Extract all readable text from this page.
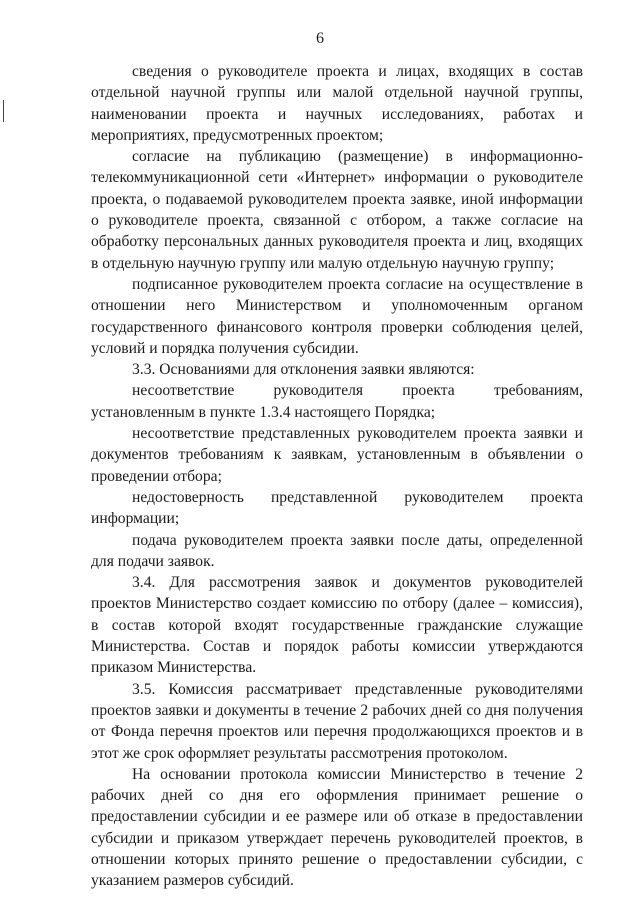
6

сведения о руководителе проекта и лицах, входящих в состав отдельной научной группы или малой отдельной научной группы, наименовании проекта и научных исследованиях, работах и мероприятиях, предусмотренных проектом;

согласие на публикацию (размещение) в информационно-телекоммуникационной сети «Интернет» информации о руководителе проекта, о подаваемой руководителем проекта заявке, иной информации о руководителе проекта, связанной с отбором, а также согласие на обработку персональных данных руководителя проекта и лиц, входящих в отдельную научную группу или малую отдельную научную группу;

подписанное руководителем проекта согласие на осуществление в отношении него Министерством и уполномоченным органом государственного финансового контроля проверки соблюдения целей, условий и порядка получения субсидии.

3.3. Основаниями для отклонения заявки являются:

несоответствие руководителя проекта требованиям, установленным в пункте 1.3.4 настоящего Порядка;

несоответствие представленных руководителем проекта заявки и документов требованиям к заявкам, установленным в объявлении о проведении отбора;

недостоверность представленной руководителем проекта информации;

подача руководителем проекта заявки после даты, определенной для подачи заявок.

3.4. Для рассмотрения заявок и документов руководителей проектов Министерство создает комиссию по отбору (далее – комиссия), в состав которой входят государственные гражданские служащие Министерства. Состав и порядок работы комиссии утверждаются приказом Министерства.

3.5. Комиссия рассматривает представленные руководителями проектов заявки и документы в течение 2 рабочих дней со дня получения от Фонда перечня проектов или перечня продолжающихся проектов и в этот же срок оформляет результаты рассмотрения протоколом.

На основании протокола комиссии Министерство в течение 2 рабочих дней со дня его оформления принимает решение о предоставлении субсидии и ее размере или об отказе в предоставлении субсидии и приказом утверждает перечень руководителей проектов, в отношении которых принято решение о предоставлении субсидии, с указанием размеров субсидий.
